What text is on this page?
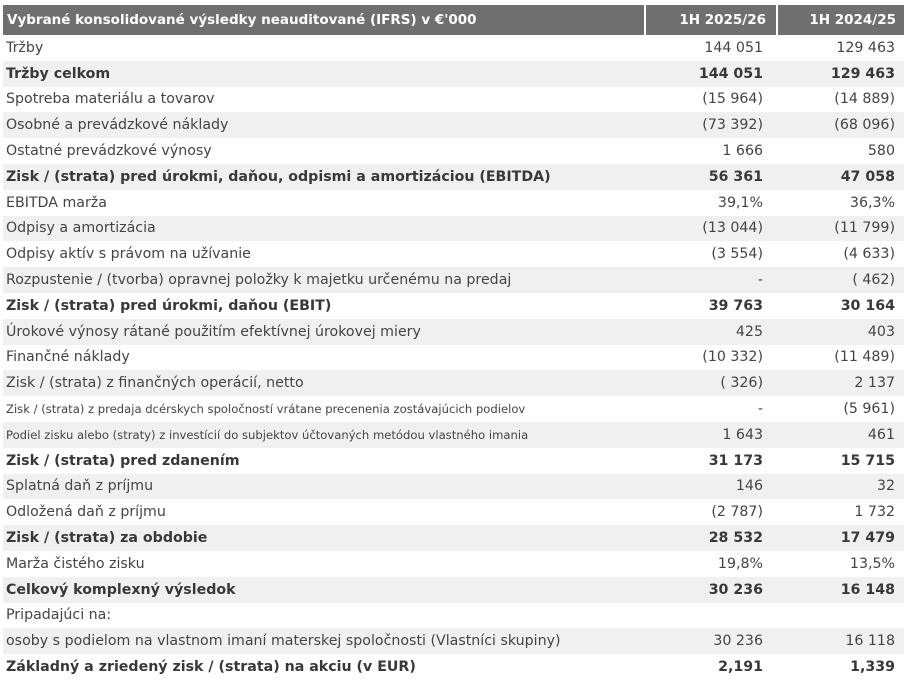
Vybrané konsolidované výsledky neauditované (IFRS) v €'000	1H 2025/26	1H 2024/25
Tržby	144 051	129 463
Tržby celkom	144 051	129 463
Spotreba materiálu a tovarov	(15 964)	(14 889)
Osobné a prevádzkové náklady	(73 392)	(68 096)
Ostatné prevádzkové výnosy	1 666	580
Zisk / (strata) pred úrokmi, daňou, odpismi a amortizáciou (EBITDA)	56 361	47 058
EBITDA marža	39,1%	36,3%
Odpisy a amortizácia	(13 044)	(11 799)
Odpisy aktív s právom na užívanie	(3 554)	(4 633)
Rozpustenie / (tvorba) opravnej položky k majetku určenému na predaj	-	( 462)
Zisk / (strata) pred úrokmi, daňou (EBIT)	39 763	30 164
Úrokové výnosy rátané použitím efektívnej úrokovej miery	425	403
Finančné náklady	(10 332)	(11 489)
Zisk / (strata) z finančných operácií, netto	( 326)	2 137
Zisk / (strata) z predaja dcérskych spoločností vrátane precenenia zostávajúcich podielov	-	(5 961)
Podiel zisku alebo (straty) z investícií do subjektov účtovaných metódou vlastného imania	1 643	461
Zisk / (strata) pred zdanením	31 173	15 715
Splatná daň z príjmu	146	32
Odložená daň z príjmu	(2 787)	1 732
Zisk / (strata) za obdobie	28 532	17 479
Marža čistého zisku	19,8%	13,5%
Celkový komplexný výsledok	30 236	16 148
Pripadajúci na:		
osoby s podielom na vlastnom imaní materskej spoločnosti (Vlastníci skupiny)	30 236	16 118
Základný a zriedený zisk / (strata) na akciu (v EUR)	2,191	1,339
